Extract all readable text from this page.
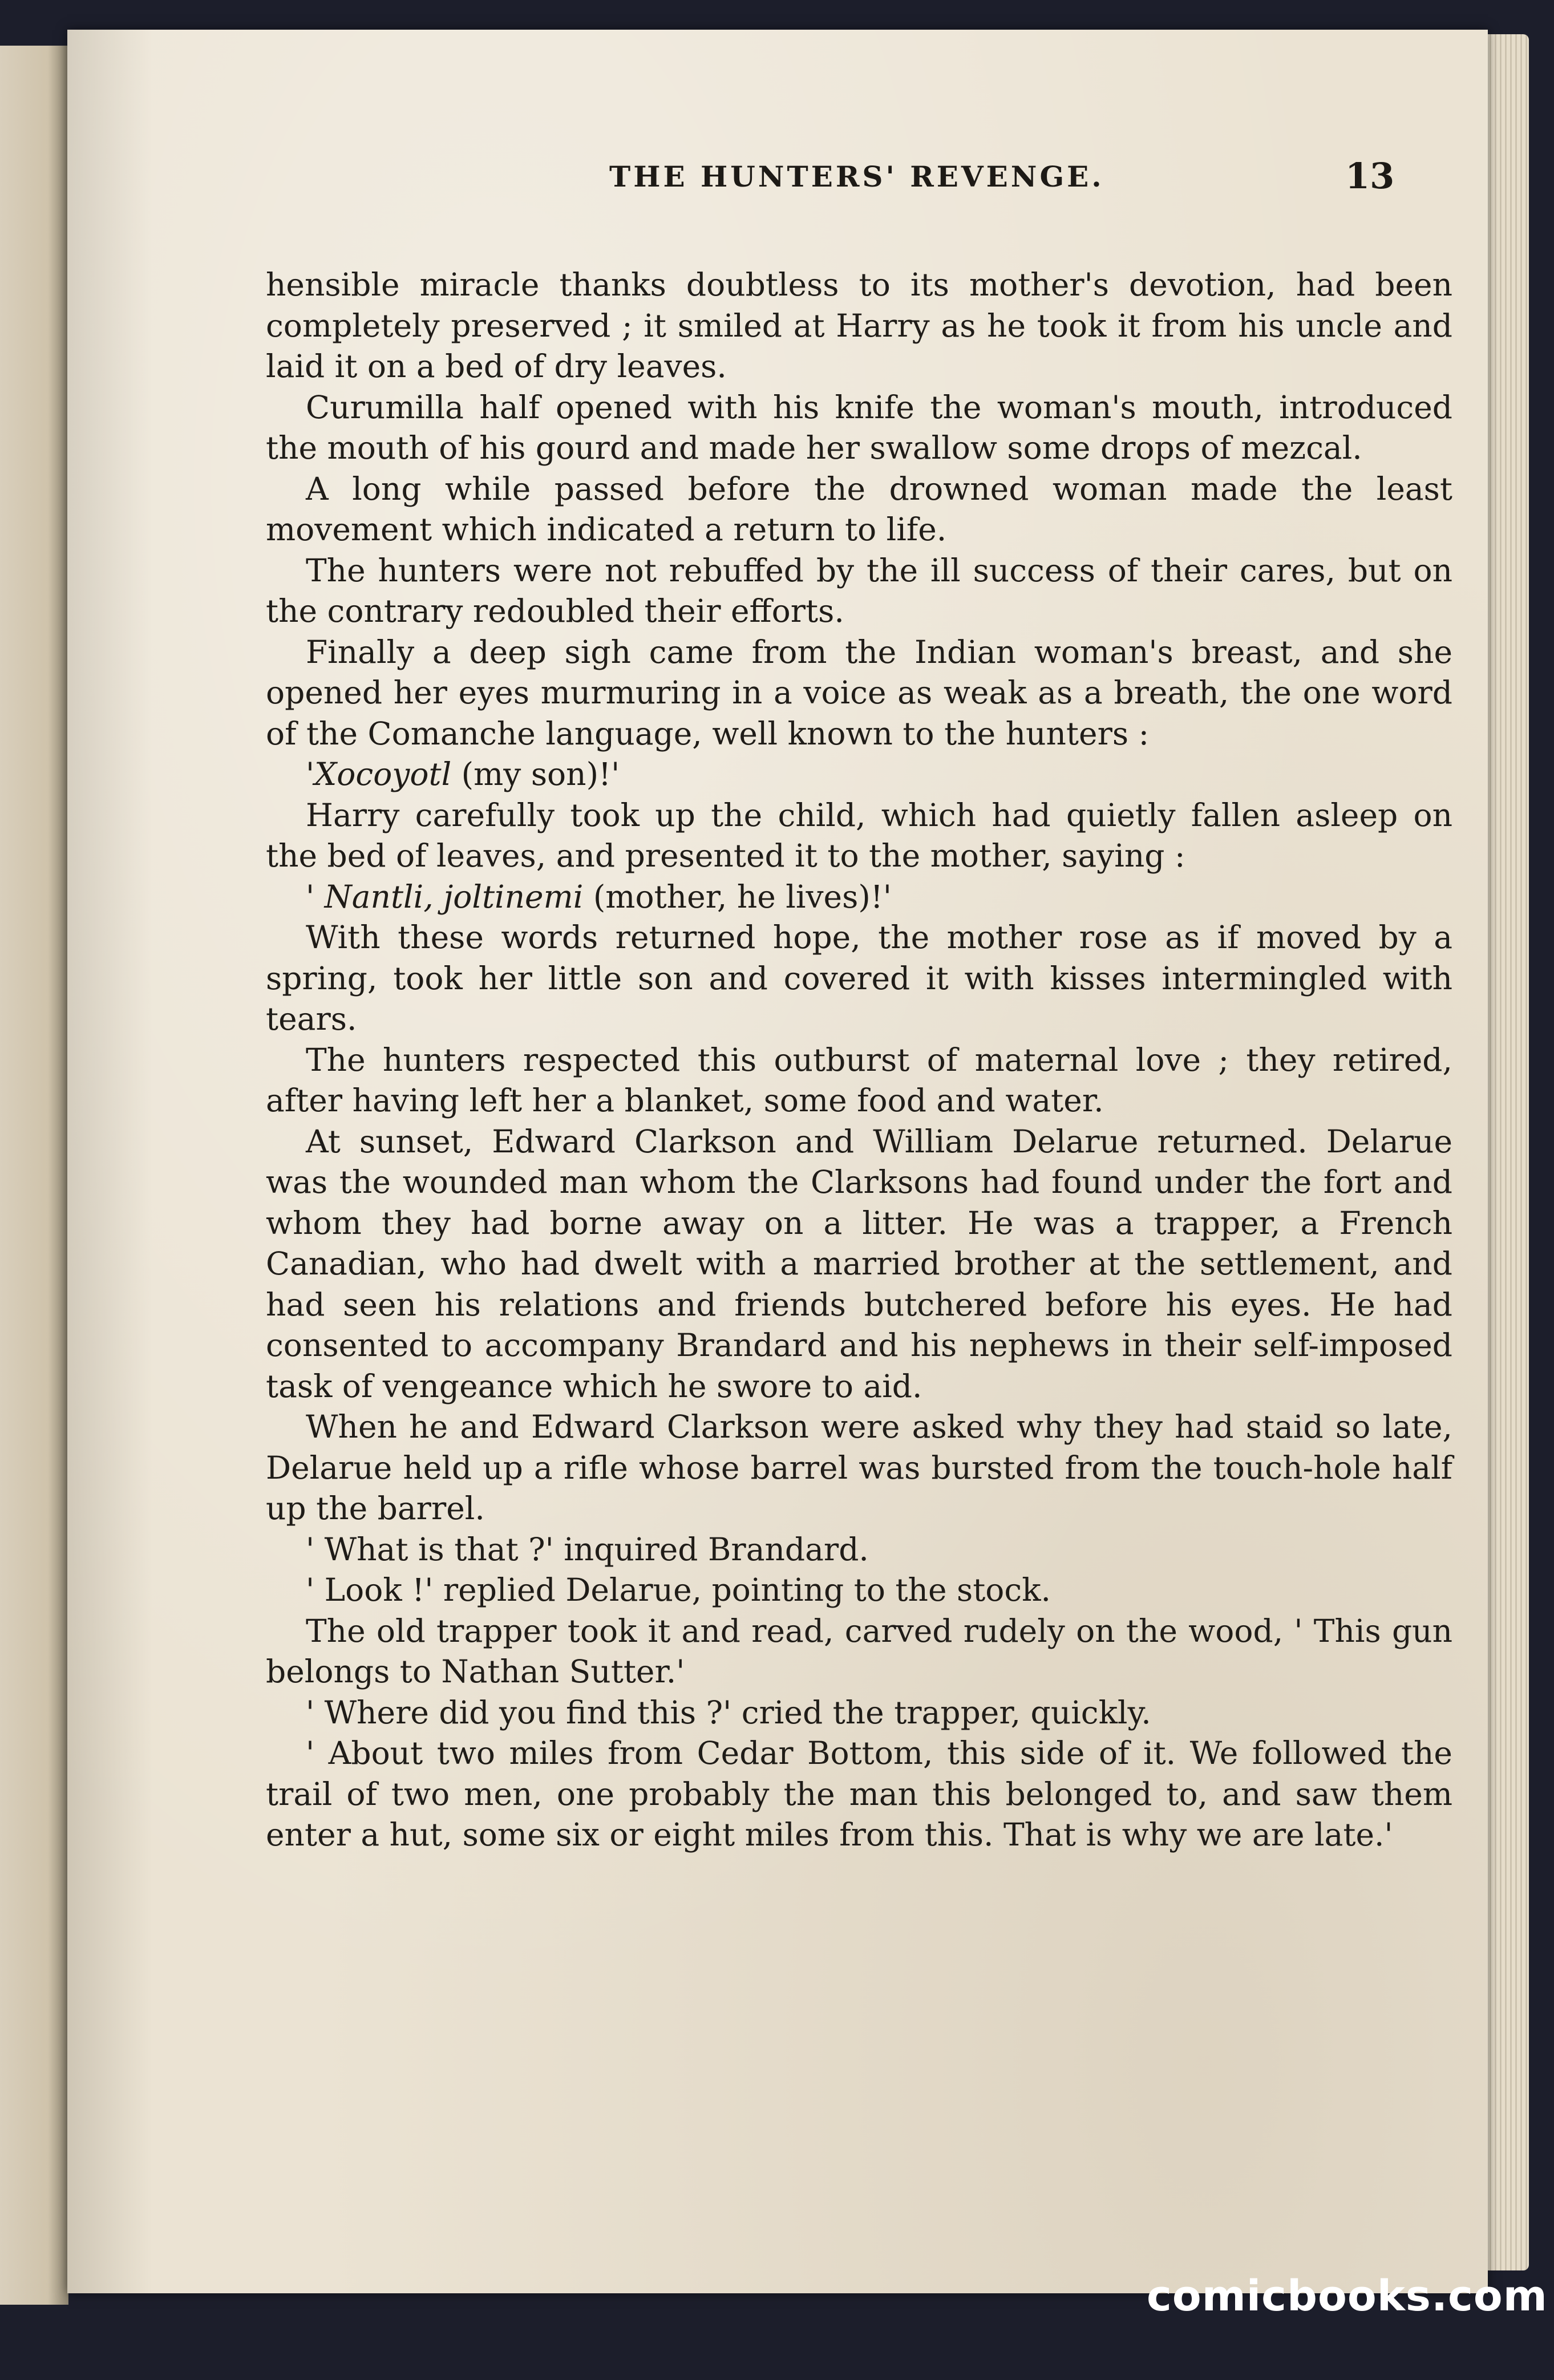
THE HUNTERS' REVENGE.	13

hensible miracle thanks doubtless to its mother's devotion, had been completely preserved ; it smiled at Harry as he took it from his uncle and laid it on a bed of dry leaves.

Curumilla half opened with his knife the woman's mouth, introduced the mouth of his gourd and made her swallow some drops of mezcal.

A long while passed before the drowned woman made the least movement which indicated a return to life.

The hunters were not rebuffed by the ill success of their cares, but on the contrary redoubled their efforts.

Finally a deep sigh came from the Indian woman's breast, and she opened her eyes murmuring in a voice as weak as a breath, the one word of the Comanche language, well known to the hunters :

'Xocoyotl (my son)!'

Harry carefully took up the child, which had quietly fallen asleep on the bed of leaves, and presented it to the mother, saying :

' Nantli, joltinemi (mother, he lives)!'

With these words returned hope, the mother rose as if moved by a spring, took her little son and covered it with kisses intermingled with tears.

The hunters respected this outburst of maternal love ; they retired, after having left her a blanket, some food and water.

At sunset, Edward Clarkson and William Delarue returned. Delarue was the wounded man whom the Clarksons had found under the fort and whom they had borne away on a litter. He was a trapper, a French Canadian, who had dwelt with a married brother at the settlement, and had seen his relations and friends butchered before his eyes. He had consented to accompany Brandard and his nephews in their self-imposed task of vengeance which he swore to aid.

When he and Edward Clarkson were asked why they had staid so late, Delarue held up a rifle whose barrel was bursted from the touch-hole half up the barrel.

' What is that ?' inquired Brandard.

' Look !' replied Delarue, pointing to the stock.

The old trapper took it and read, carved rudely on the wood, ' This gun belongs to Nathan Sutter.'

' Where did you find this ?' cried the trapper, quickly.

' About two miles from Cedar Bottom, this side of it. We followed the trail of two men, one probably the man this belonged to, and saw them enter a hut, some six or eight miles from this. That is why we are late.'

comicbooks.com
